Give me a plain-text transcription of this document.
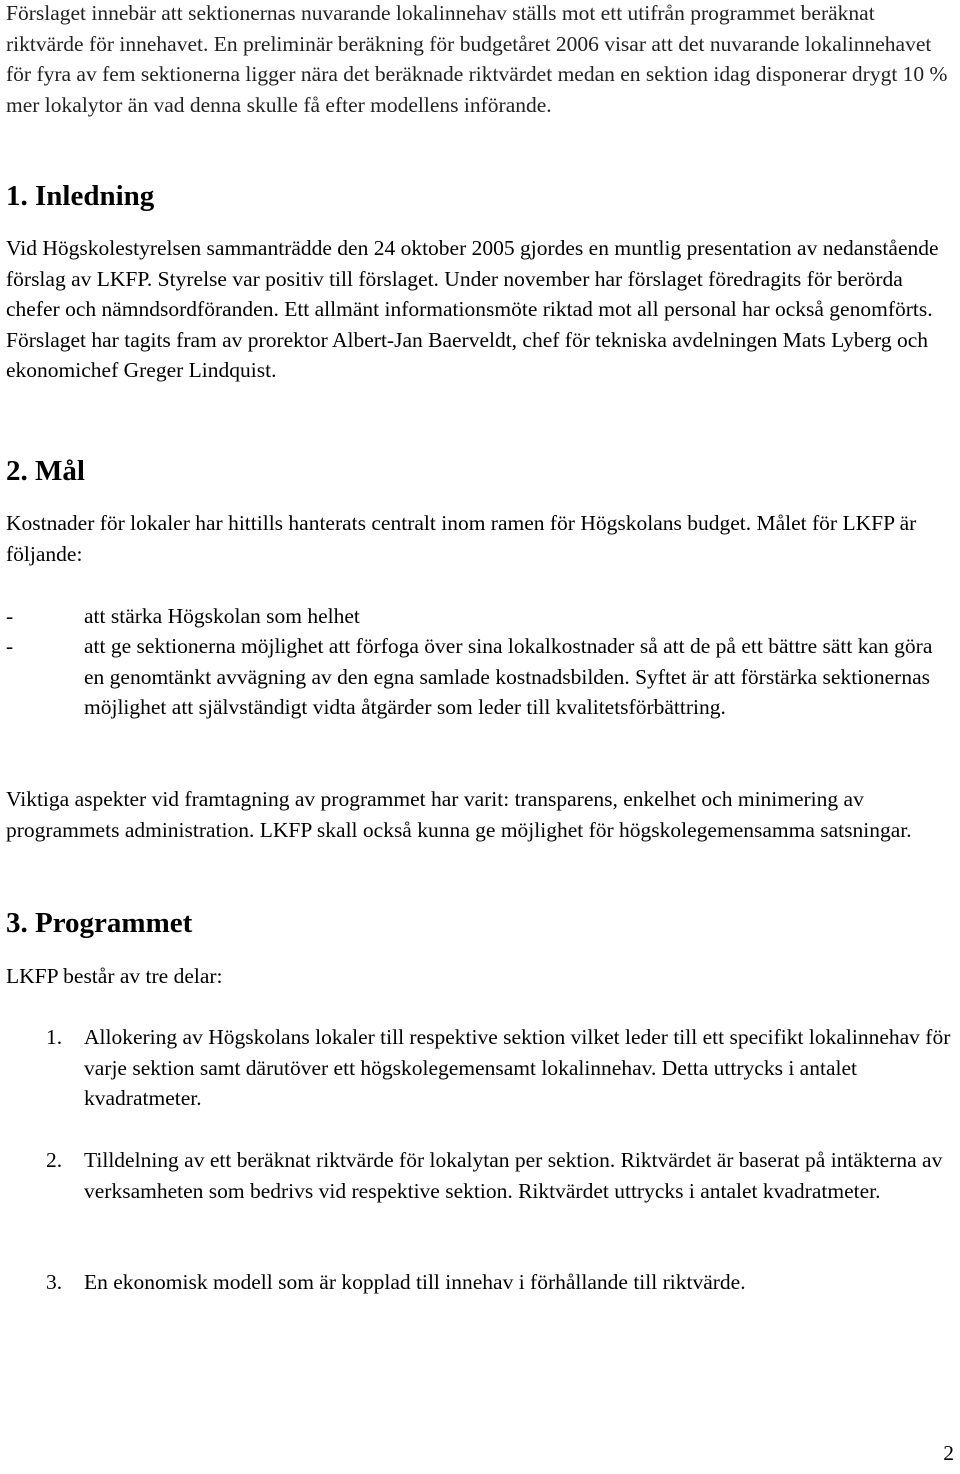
Förslaget innebär att sektionernas nuvarande lokalinnehav ställs mot ett utifrån programmet beräknat riktvärde för innehavet. En preliminär beräkning för budgetåret 2006 visar att det nuvarande lokalinnehavet för fyra av fem sektionerna ligger nära det beräknade riktvärdet medan en sektion idag disponerar drygt 10 % mer lokalytor än vad denna skulle få efter modellens införande.

1. Inledning

Vid Högskolestyrelsen sammanträdde den 24 oktober 2005 gjordes en muntlig presentation av nedanstående förslag av LKFP. Styrelse var positiv till förslaget. Under november har förslaget föredragits för berörda chefer och nämndsordföranden. Ett allmänt informationsmöte riktad mot all personal har också genomförts. Förslaget har tagits fram av prorektor Albert-Jan Baerveldt, chef för tekniska avdelningen Mats Lyberg och ekonomichef Greger Lindquist.

2. Mål

Kostnader för lokaler har hittills hanterats centralt inom ramen för Högskolans budget. Målet för LKFP är följande:

-	att stärka Högskolan som helhet
-	att ge sektionerna möjlighet att förfoga över sina lokalkostnader så att de på ett bättre sätt kan göra en genomtänkt avvägning av den egna samlade kostnadsbilden. Syftet är att förstärka sektionernas möjlighet att självständigt vidta åtgärder som leder till kvalitetsförbättring.

Viktiga aspekter vid framtagning av programmet har varit: transparens, enkelhet och minimering av programmets administration. LKFP skall också kunna ge möjlighet för högskolegemensamma satsningar.

3. Programmet

LKFP består av tre delar:

1. Allokering av Högskolans lokaler till respektive sektion vilket leder till ett specifikt lokalinnehav för varje sektion samt därutöver ett högskolegemensamt lokalinnehav. Detta uttrycks i antalet kvadratmeter.
2. Tilldelning av ett beräknat riktvärde för lokalytan per sektion. Riktvärdet är baserat på intäkterna av verksamheten som bedrivs vid respektive sektion. Riktvärdet uttrycks i antalet kvadratmeter.
3. En ekonomisk modell som är kopplad till innehav i förhållande till riktvärde.
2
